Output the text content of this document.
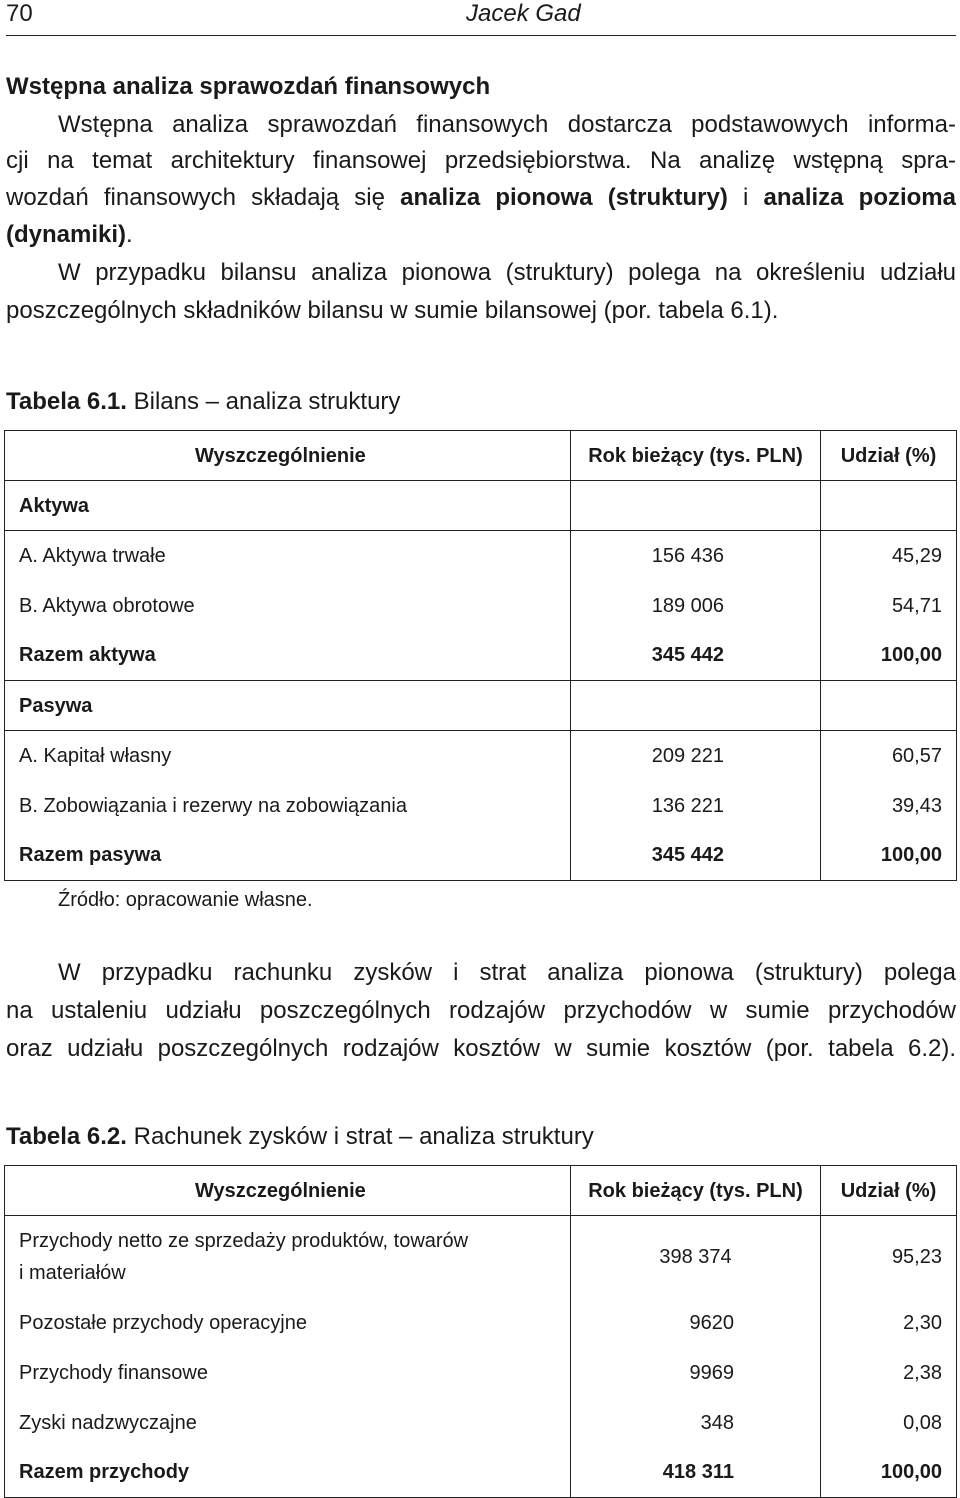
70	Jacek Gad
Wstępna analiza sprawozdań finansowych
Wstępna analiza sprawozdań finansowych dostarcza podstawowych informa-
cji na temat architektury finansowej przedsiębiorstwa. Na analizę wstępną spra-
wozdań finansowych składają się analiza pionowa (struktury) i analiza pozioma
(dynamiki).
W przypadku bilansu analiza pionowa (struktury) polega na określeniu udziału
poszczególnych składników bilansu w sumie bilansowej (por. tabela 6.1).
Tabela 6.1. Bilans – analiza struktury
Wyszczególnienie	Rok bieżący (tys. PLN)	Udział (%)
Aktywa		
A. Aktywa trwałe	156 436	45,29
B. Aktywa obrotowe	189 006	54,71
Razem aktywa	345 442	100,00
Pasywa		
A. Kapitał własny	209 221	60,57
B. Zobowiązania i rezerwy na zobowiązania	136 221	39,43
Razem pasywa	345 442	100,00
Źródło: opracowanie własne.
W przypadku rachunku zysków i strat analiza pionowa (struktury) polega
na ustaleniu udziału poszczególnych rodzajów przychodów w sumie przychodów
oraz udziału poszczególnych rodzajów kosztów w sumie kosztów (por. tabela 6.2).
Tabela 6.2. Rachunek zysków i strat – analiza struktury
Wyszczególnienie	Rok bieżący (tys. PLN)	Udział (%)

Przychody netto ze sprzedaży produktów, towarów
i materiałów	398 374	95,23
Pozostałe przychody operacyjne	9620	2,30
Przychody finansowe	9969	2,38
Zyski nadzwyczajne	348	0,08
Razem przychody	418 311	100,00
